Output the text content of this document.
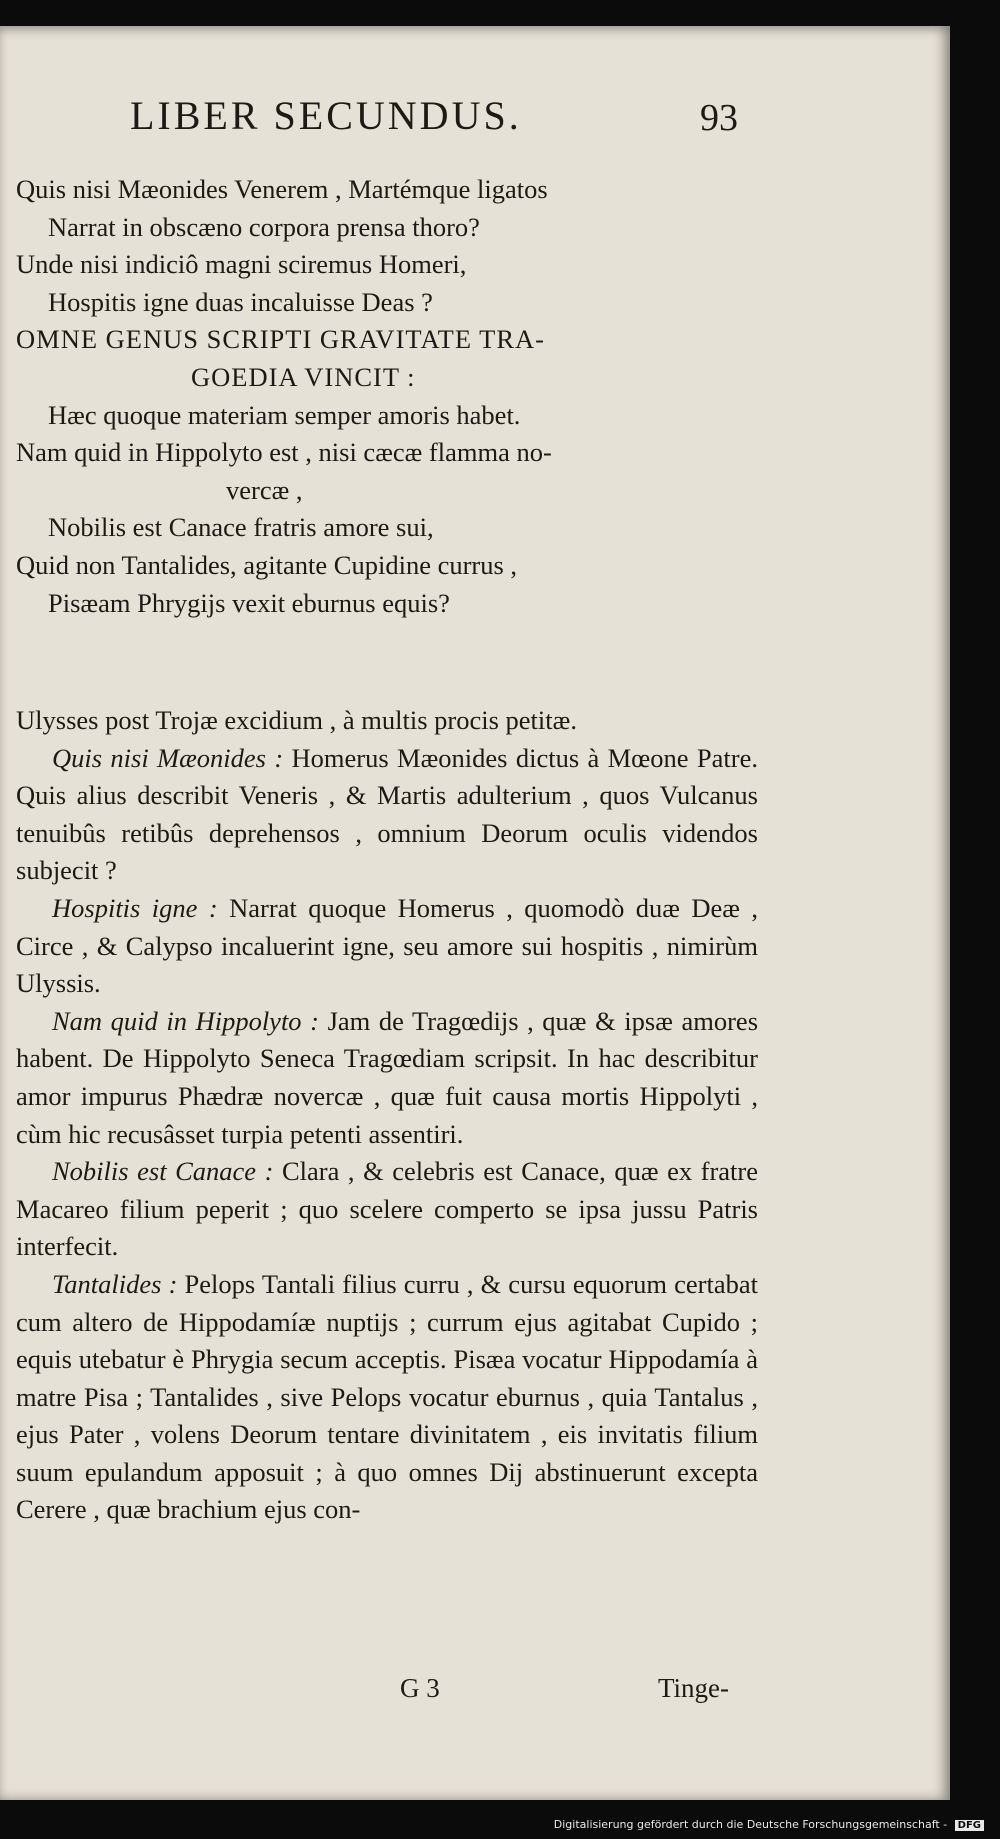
LIBER SECUNDUS.	93
Quis nisi Mæonides Venerem , Martémque ligatos
Narrat in obscæno corpora prensa thoro?
Unde nisi indiciô magni sciremus Homeri,
Hospitis igne duas incaluisse Deas ?
OMNE GENUS SCRIPTI GRAVITATE TRA-
GOEDIA VINCIT :
Hæc quoque materiam semper amoris habet.
Nam quid in Hippolyto est , nisi cæcæ flamma no-
vercæ ,
Nobilis est Canace fratris amore sui,
Quid non Tantalides, agitante Cupidine currus ,
Pisæam Phrygijs vexit eburnus equis?

Ulysses post Trojæ excidium , à multis procis petitæ.

Quis nisi Mæonides : Homerus Mæonides dictus à Mœone Patre. Quis alius describit Veneris , & Martis adulterium , quos Vulcanus tenuibûs retibûs deprehensos , omnium Deorum oculis videndos subjecit ?

Hospitis igne : Narrat quoque Homerus , quomodò duæ Deæ , Circe , & Calypso incaluerint igne, seu amore sui hospitis , nimirùm Ulyssis.

Nam quid in Hippolyto : Jam de Tragœdijs , quæ & ipsæ amores habent. De Hippolyto Seneca Tragœdiam scripsit. In hac describitur amor impurus Phædræ novercæ , quæ fuit causa mortis Hippolyti , cùm hic recusâsset turpia petenti assentiri.

Nobilis est Canace : Clara , & celebris est Canace, quæ ex fratre Macareo filium peperit ; quo scelere comperto se ipsa jussu Patris interfecit.

Tantalides : Pelops Tantali filius curru , & cursu equorum certabat cum altero de Hippodamíæ nuptijs ; currum ejus agitabat Cupido ; equis utebatur è Phrygia secum acceptis. Pisæa vocatur Hippodamía à matre Pisa ; Tantalides , sive Pelops vocatur eburnus , quia Tantalus , ejus Pater , volens Deorum tentare divinitatem , eis invitatis filium suum epulandum apposuit ; à quo omnes Dij abstinuerunt excepta Cerere , quæ brachium ejus con-

G 3	Tinge-
Digitalisierung gefördert durch die Deutsche Forschungsgemeinschaft - DFG
